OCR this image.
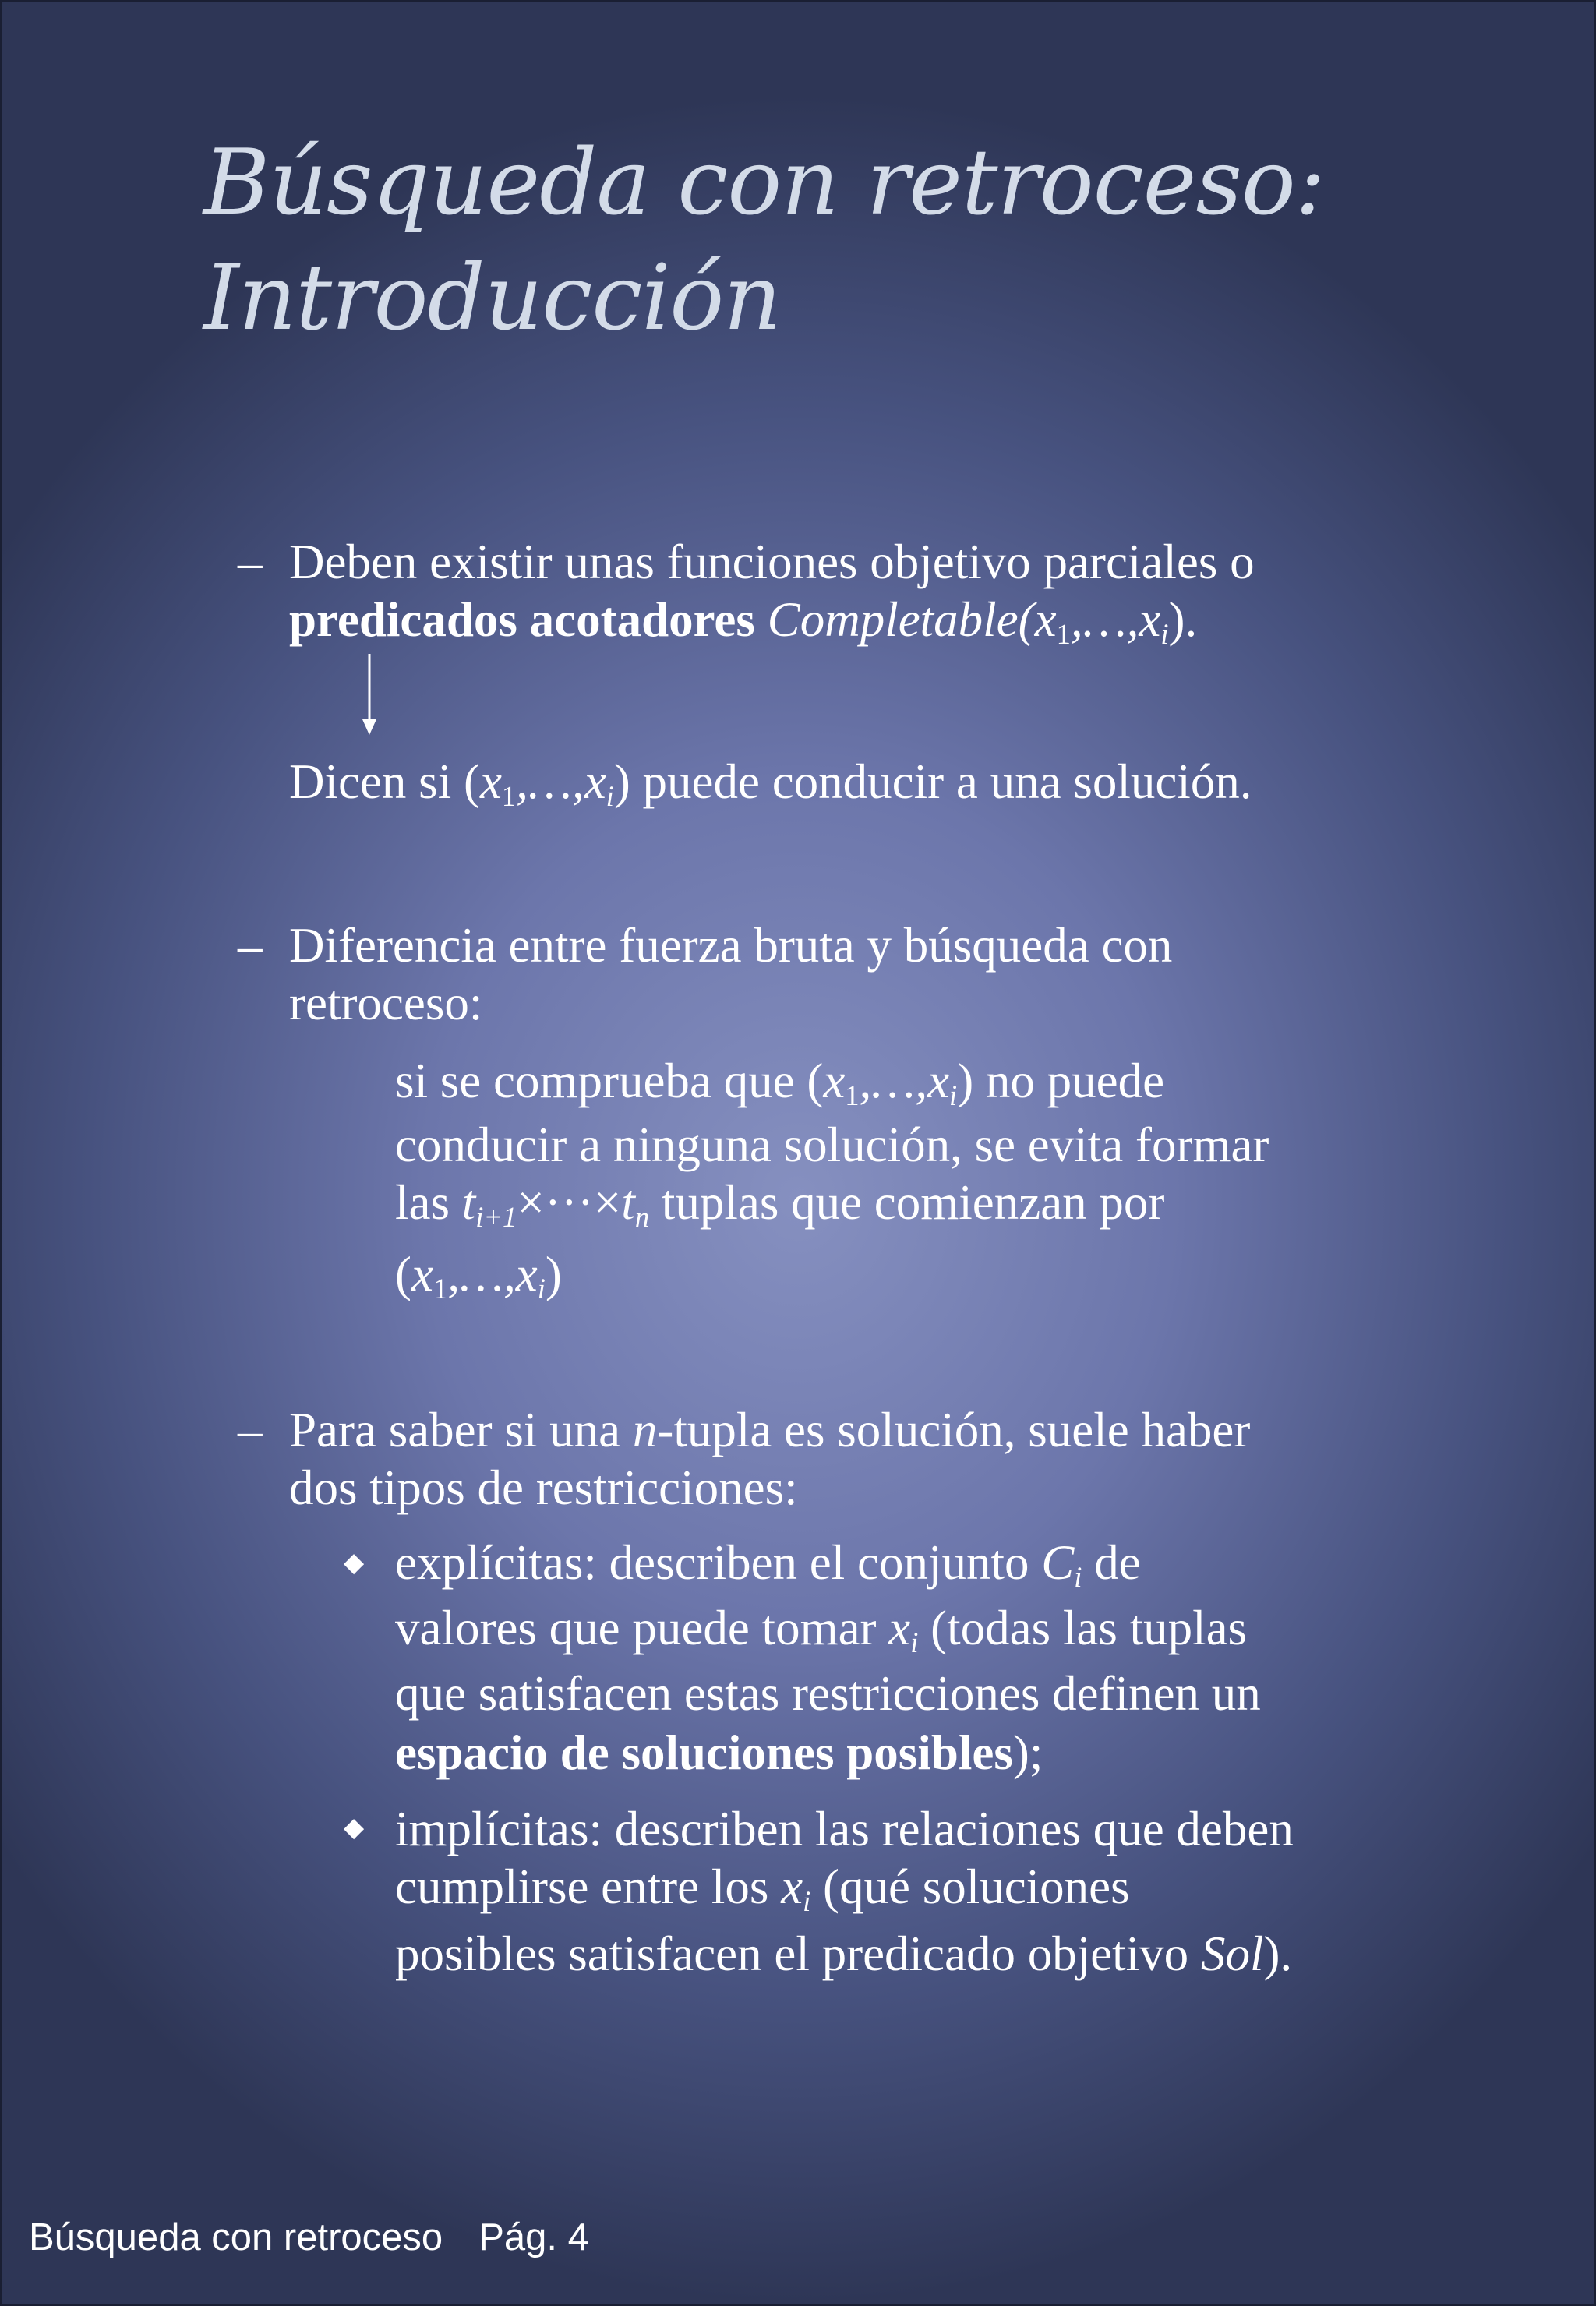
Búsqueda con retroceso:
Introducción
– Deben existir unas funciones objetivo parciales o
predicados acotadores $Completable(x_1,\dots,x_i)$.
Dicen si $(x_1,\dots,x_i)$ puede conducir a una solución.
– Diferencia entre fuerza bruta y búsqueda con
retroceso:
si se comprueba que $(x_1,\dots,x_i)$ no puede
conducir a ninguna solución, se evita formar
las $t_{i+1}\times\cdot\cdot\cdot\times t_n$ tuplas que comienzan por
$(x_1,\dots,x_i)$
– Para saber si una n-tupla es solución, suele haber
dos tipos de restricciones:
◆ explícitas: describen el conjunto $C_i$ de
valores que puede tomar $x_i$ (todas las tuplas
que satisfacen estas restricciones definen un
espacio de soluciones posibles);
◆ implícitas: describen las relaciones que deben
cumplirse entre los $x_i$ (qué soluciones
posibles satisfacen el predicado objetivo Sol).
Búsqueda con retroceso Pág. 4
